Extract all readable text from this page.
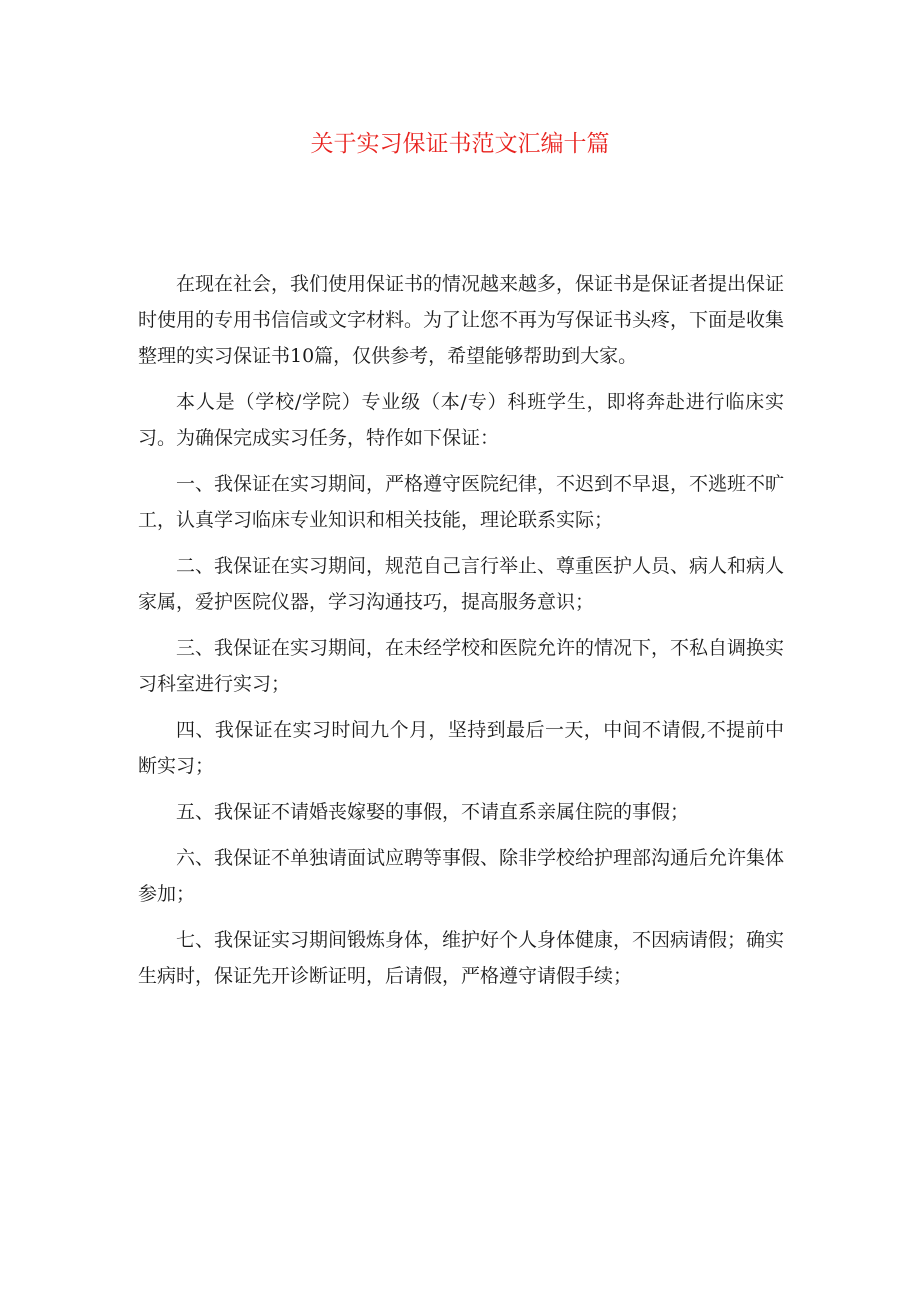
关于实习保证书范文汇编十篇

在现在社会，我们使用保证书的情况越来越多，保证书是保证者提出保证时使用的专用书信信或文字材料。为了让您不再为写保证书头疼，下面是收集整理的实习保证书10篇，仅供参考，希望能够帮助到大家。

本人是（学校/学院）专业级（本/专）科班学生，即将奔赴进行临床实习。为确保完成实习任务，特作如下保证：

一、我保证在实习期间，严格遵守医院纪律，不迟到不早退，不逃班不旷工，认真学习临床专业知识和相关技能，理论联系实际；

二、我保证在实习期间，规范自己言行举止、尊重医护人员、病人和病人家属，爱护医院仪器，学习沟通技巧，提高服务意识；

三、我保证在实习期间，在未经学校和医院允许的情况下，不私自调换实习科室进行实习；

四、我保证在实习时间九个月，坚持到最后一天，中间不请假,不提前中断实习；

五、我保证不请婚丧嫁娶的事假，不请直系亲属住院的事假；

六、我保证不单独请面试应聘等事假、除非学校给护理部沟通后允许集体参加；

七、我保证实习期间锻炼身体，维护好个人身体健康，不因病请假；确实生病时，保证先开诊断证明，后请假，严格遵守请假手续；
